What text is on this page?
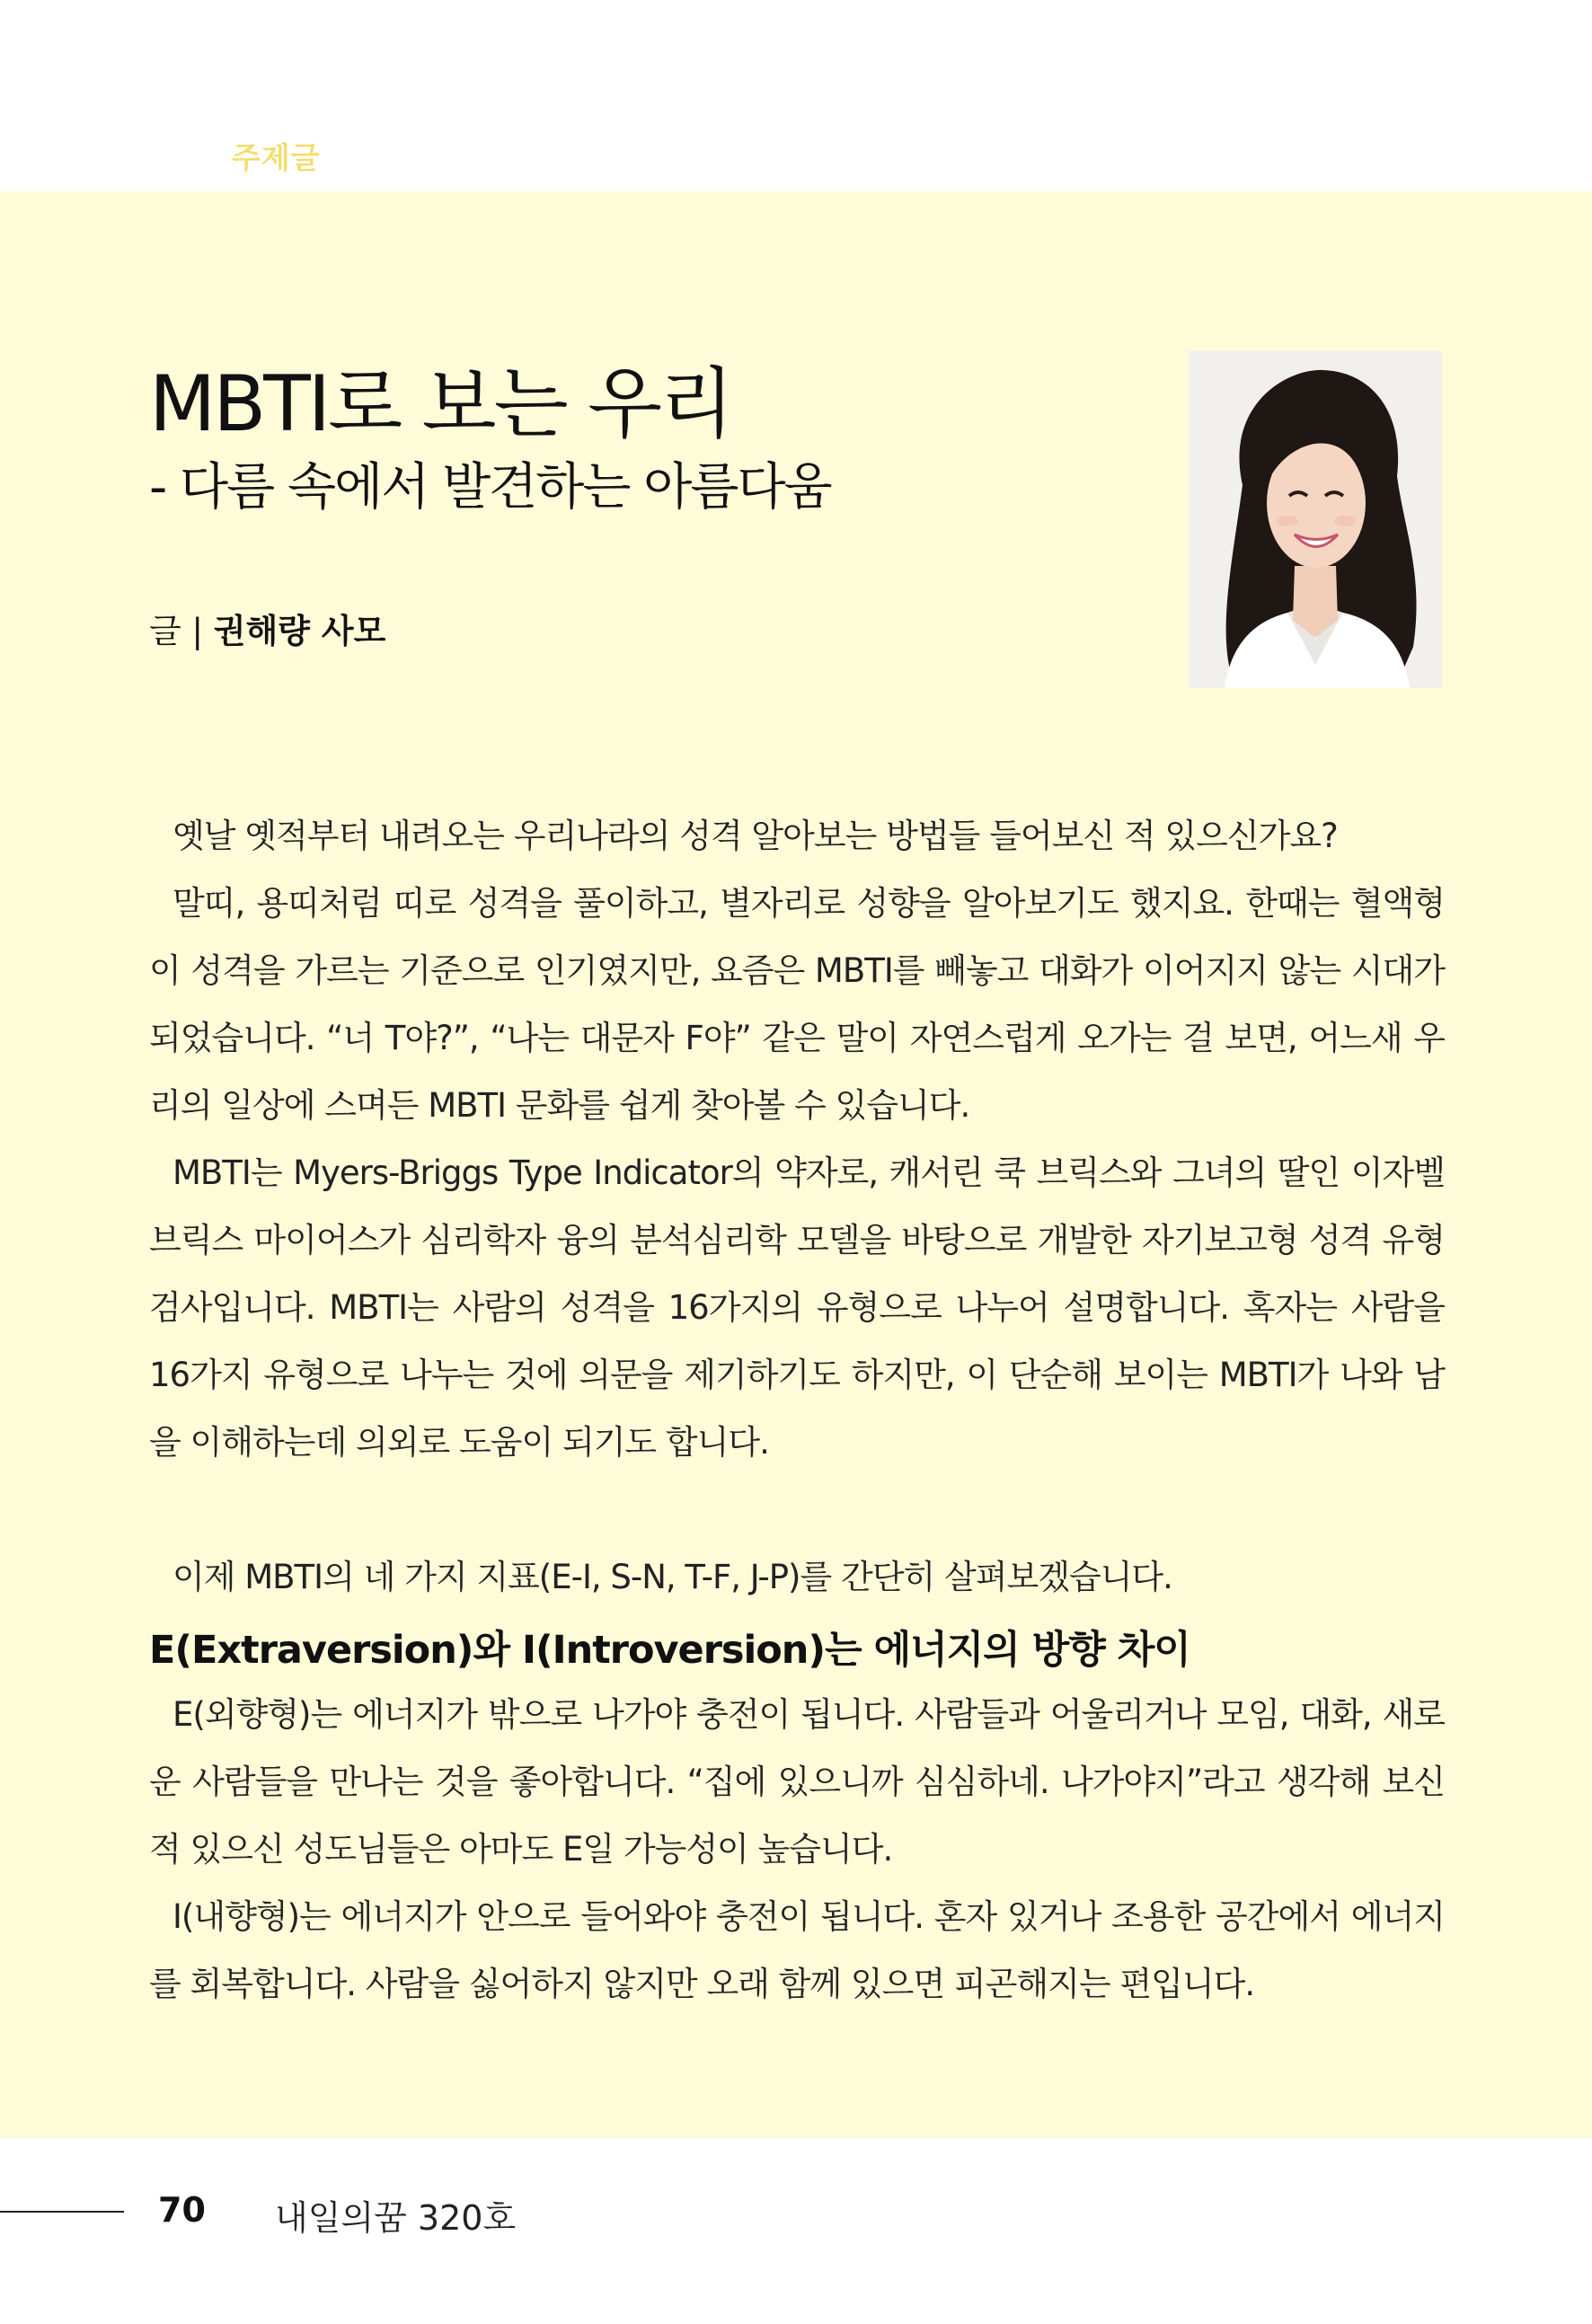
주제글
MBTI로 보는 우리
- 다름 속에서 발견하는 아름다움
글 | 권해량 사모

옛날 옛적부터 내려오는 우리나라의 성격 알아보는 방법들 들어보신 적 있으신가요?

말띠, 용띠처럼 띠로 성격을 풀이하고, 별자리로 성향을 알아보기도 했지요. 한때는 혈액형이 성격을 가르는 기준으로 인기였지만, 요즘은 MBTI를 빼놓고 대화가 이어지지 않는 시대가 되었습니다. “너 T야?”, “나는 대문자 F야” 같은 말이 자연스럽게 오가는 걸 보면, 어느새 우리의 일상에 스며든 MBTI 문화를 쉽게 찾아볼 수 있습니다.

MBTI는 Myers-Briggs Type Indicator의 약자로, 캐서린 쿡 브릭스와 그녀의 딸인 이자벨 브릭스 마이어스가 심리학자 융의 분석심리학 모델을 바탕으로 개발한 자기보고형 성격 유형 검사입니다. MBTI는 사람의 성격을 16가지의 유형으로 나누어 설명합니다. 혹자는 사람을 16가지 유형으로 나누는 것에 의문을 제기하기도 하지만, 이 단순해 보이는 MBTI가 나와 남을 이해하는데 의외로 도움이 되기도 합니다.

이제 MBTI의 네 가지 지표(E-I, S-N, T-F, J-P)를 간단히 살펴보겠습니다.

E(Extraversion)와 I(Introversion)는 에너지의 방향 차이

E(외향형)는 에너지가 밖으로 나가야 충전이 됩니다. 사람들과 어울리거나 모임, 대화, 새로운 사람들을 만나는 것을 좋아합니다. “집에 있으니까 심심하네. 나가야지”라고 생각해 보신 적 있으신 성도님들은 아마도 E일 가능성이 높습니다.

I(내향형)는 에너지가 안으로 들어와야 충전이 됩니다. 혼자 있거나 조용한 공간에서 에너지를 회복합니다. 사람을 싫어하지 않지만 오래 함께 있으면 피곤해지는 편입니다.

70 내일의꿈 320호
